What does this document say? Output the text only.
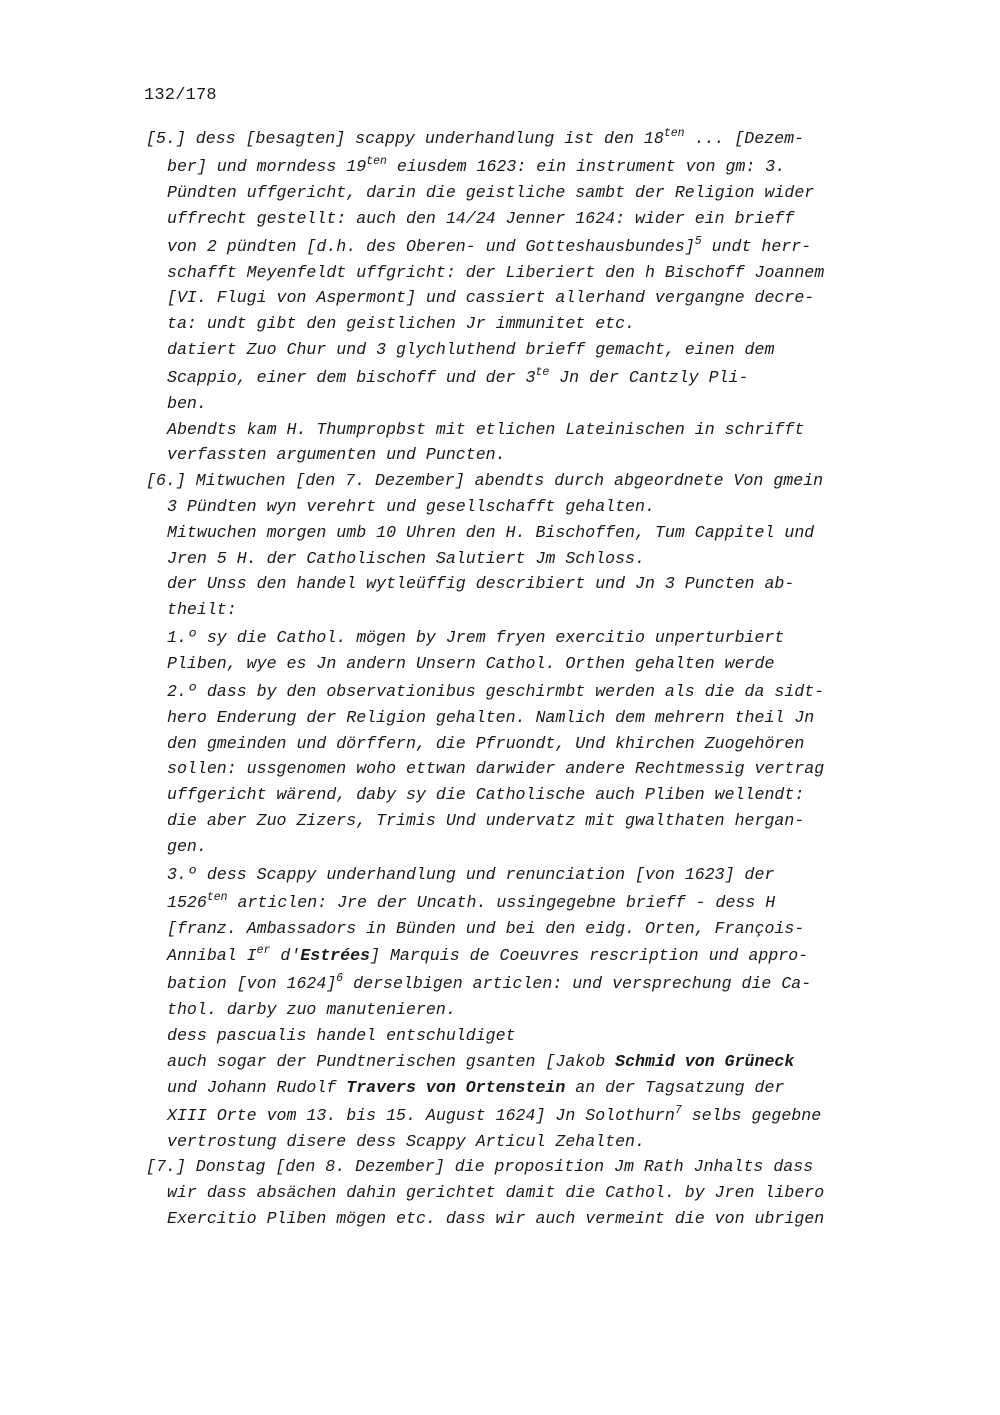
132/178
[5.] dess [besagten] scappy underhandlung ist den $18^{ten}$ ... [Dezem-
ber] und morndess $19^{ten}$ eiusdem 1623: ein instrument von gm: 3.
Pündten uffgericht, darin die geistliche sambt der Religion wider
uffrecht gestellt: auch den 14/24 Jenner 1624: wider ein brieff
von 2 pündten [d.h. des Oberen- und Gotteshausbundes]$^5$ undt herr-
schafft Meyenfeldt uffgricht: der Liberiert den h Bischoff Joannem
[VI. Flugi von Aspermont] und cassiert allerhand vergangne decre-
ta: undt gibt den geistlichen Jr immunitet etc.
datiert Zuo Chur und 3 glychluthend brieff gemacht, einen dem
Scappio, einer dem bischoff und der $3^{te}$ Jn der Cantzly Pli-
ben.
Abendts kam H. Thumpropbst mit etlichen Lateinischen in schrifft
verfassten argumenten und Puncten.
[6.] Mitwuchen [den 7. Dezember] abendts durch abgeordnete Von gmein
3 Pündten wyn verehrt und gesellschafft gehalten.
Mitwuchen morgen umb 10 Uhren den H. Bischoffen, Tum Cappitel und
Jren 5 H. der Catholischen Salutiert Jm Schloss.
der Unss den handel wytleüffig describiert und Jn 3 Puncten ab-
theilt:
1.º sy die Cathol. mögen by Jrem fryen exercitio unperturbiert
Pliben, wye es Jn andern Unsern Cathol. Orthen gehalten werde
2.º dass by den observationibus geschirmbt werden als die da sidt-
hero Enderung der Religion gehalten. Namlich dem mehrern theil Jn
den gmeinden und dörffern, die Pfruondt, Und khirchen Zuogehören
sollen: ussgenomen woho ettwan darwider andere Rechtmessig vertrag
uffgericht wärend, daby sy die Catholische auch Pliben wellendt:
die aber Zuo Zizers, Trimis Und undervatz mit gwalthaten hergan-
gen.
3.º dess Scappy underhandlung und renunciation [von 1623] der
$1526^{ten}$ articlen: Jre der Uncath. ussingegebne brieff - dess H
[franz. Ambassadors in Bünden und bei den eidg. Orten, François-
Annibal Ier d'Estrées] Marquis de Coeuvres rescription und appro-
bation [von 1624]$^6$ derselbigen articlen: und versprechung die Ca-
thol. darby zuo manutenieren.
dess pascualis handel entschuldiget
auch sogar der Pundtnerischen gsanten [Jakob Schmid von Grüneck
und Johann Rudolf Travers von Ortenstein an der Tagsatzung der
XIII Orte vom 13. bis 15. August 1624] Jn Solothurn$^7$ selbs gegebne
vertrostung disere dess Scappy Articul Zehalten.
[7.] Donstag [den 8. Dezember] die proposition Jm Rath Jnhalts dass
wir dass absächen dahin gerichtet damit die Cathol. by Jren libero
Exercitio Pliben mögen etc. dass wir auch vermeint die von ubrigen
